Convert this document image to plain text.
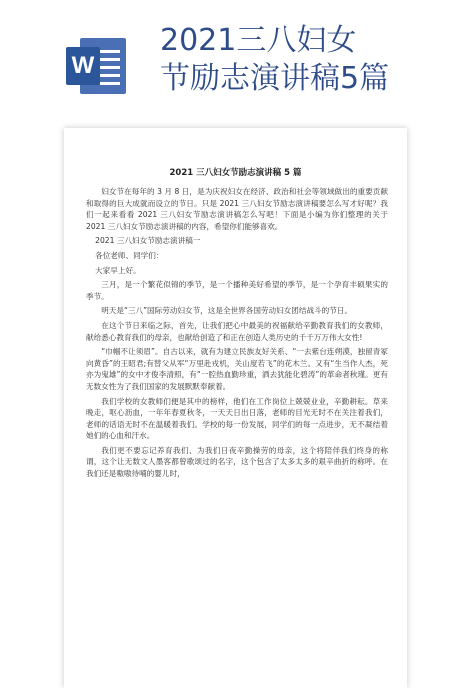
W
2021三八妇女
节励志演讲稿5篇
2021 三八妇女节励志演讲稿 5 篇

妇女节在每年的 3 月 8 日，是为庆祝妇女在经济、政治和社会等领域做出的重要贡献和取得的巨大成就而设立的节日。只是 2021 三八妇女节励志演讲稿要怎么写才好呢？我们一起来看看 2021 三八妇女节励志演讲稿怎么写吧！下面是小编为你们整理的关于 2021 三八妇女节励志演讲稿的内容，希望你们能够喜欢。

2021 三八妇女节励志演讲稿一

各位老师、同学们：

大家早上好。

三月，是一个繁花似锦的季节，是一个播种美好希望的季节，是一个孕育丰硕果实的季节。

明天是“三八”国际劳动妇女节，这是全世界各国劳动妇女团结战斗的节日。

在这个节日来临之际，首先，让我们把心中最美的祝福献给辛勤教育我们的女教师，献给悉心教育我们的母亲，也献给创造了和正在创造人类历史的千千万万伟大女性!

“巾帼不让须眉”。自古以来，就有为建立民族友好关系、“一去紫台连朔漠，独留青冢向黄昏”的王昭君;有替父从军“万里赴戎机，关山度若飞”的花木兰。又有“生当作人杰，死亦为鬼雄”的女中才俊李清照，有“一腔热血勤珍重，洒去犹能化碧涛”的革命者秋瑾。更有无数女性为了我们国家的发展默默奉献着。

我们学校的女教师们便是其中的榜样，他们在工作岗位上兢兢业业，辛勤耕耘。草来晚走，呕心沥血，一年年春夏秋冬，一天天日出日落，老师的目光无时不在关注着我们，老师的话语无时不在温暖着我们。学校的每一份发展，同学们的每一点进步，无不凝结着她们的心血和汗水。

我们更不要忘记养育我们、为我们日夜辛勤操劳的母亲，这个将陪伴我们终身的称谓，这个让无数文人墨客都曾歌颂过的名字，这个包含了太多太多的艰辛曲折的称呼。在我们还是嗷嗷待哺的婴儿时，
